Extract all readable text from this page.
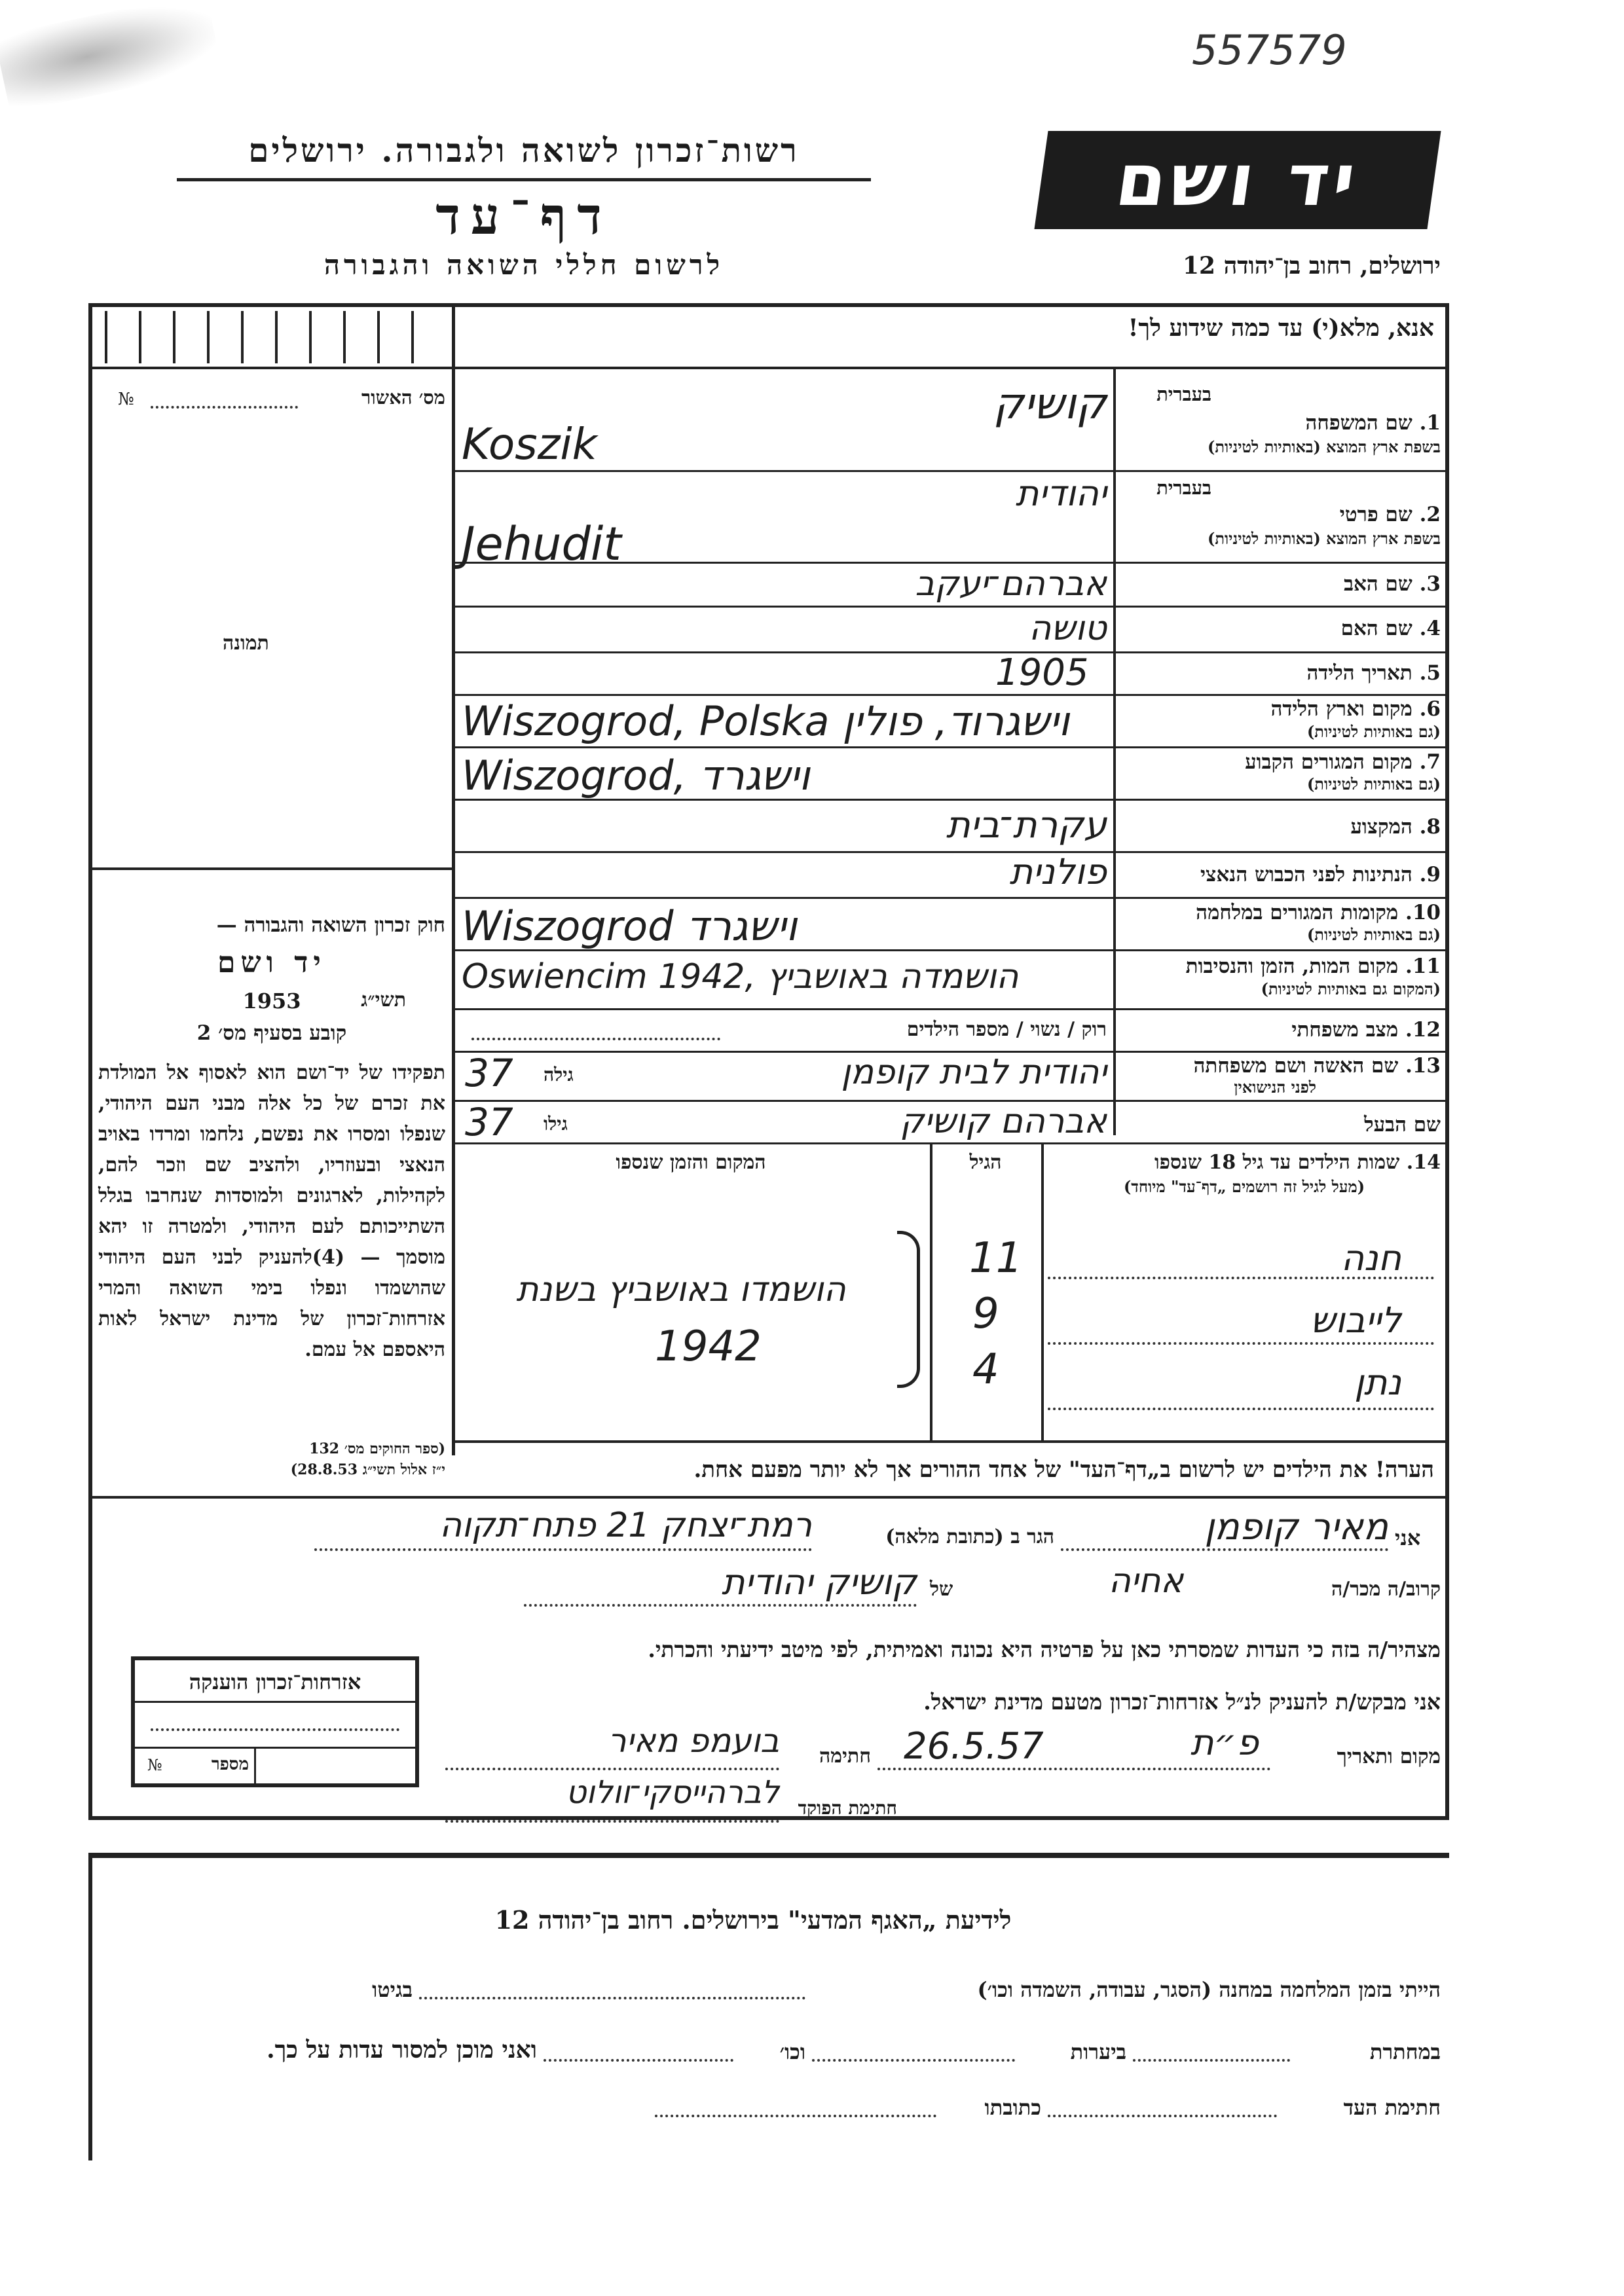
557579
רשות־זכרון לשואה ולגבורה. ירושלים
דף־עד
לרשום חללי השואה והגבורה
יד ושם
ירושלים, רחוב בן־יהודה 12
אנא, מלא(י) עד כמה שידוע לך!
מס׳ האשור
№
תמונה
חוק זכרון השואה והגבורה —
יד ושם
1953	תשי״ג
קובע בסעיף מס׳ 2
תפקידו של יד־ושם הוא לאסוף אל המולדת את זכרם של כל אלה מבני העם היהודי, שנפלו ומסרו את נפשם, נלחמו ומרדו באויב הנאצי ובעוזריו, ולהציב שם וזכר להם, לקהילות, לארגונים ולמוסדות שנחרבו בגלל השתייכותם לעם היהודי, ולמטרה זו יהא מוסמך — (4)להעניק לבני העם היהודי שהושמדו ונפלו בימי השואה והמרי אזרחות־זכרון של מדינת ישראל לאות היאספם אל עמם.
(ספר החוקים מס׳ 132
י״ז אלול תשי״ג 28.8.53)
בעברית
1. שם המשפחה
בשפת ארץ המוצא (באותיות לטיניות)
קושיק
Koszik
בעברית
2. שם פרטי
בשפת ארץ המוצא (באותיות לטיניות)
יהודית
Jehudit
3. שם האב
אברהם־יעקב
4. שם האם
טושה
5. תאריך הלידה
1905
6. מקום וארץ הלידה
(גם באותיות לטיניות)
Wiszogrod, Polska וישגרוד, פולין
7. מקום המגורים הקבוע
(גם באותיות לטיניות)
Wiszogrod, וישגרד
8. המקצוע
עקרת־בית
9. הנתינות לפני הכבוש הנאצי
פולנית
10. מקומות המגורים במלחמה
(גם באותיות לטיניות)
Wiszogrod וישגרד
11. מקום המות, הזמן והנסיבות
(המקום גם באותיות לטיניות)
Oswiencim 1942, הושמדה באושביץ
12. מצב משפחתי
רוק / נשוי / מספר הילדים
13. שם האשה ושם משפחתה
לפני הנישואין
יהודית לבית קופמן
גילה
37
שם הבעל
אברהם קושיק
גילו
37
14. שמות הילדים עד גיל 18 שנספו
(מעל לגיל זה רושמים „דף־עד" מיוחד)
הגיל
המקום והזמן שנספו
חנה
לייבוש
נתן
11
9
4
הושמדו באושביץ בשנת
1942
הערה! את הילדים יש לרשום ב„דף־העד" של אחד ההורים אך לא יותר מפעם אחת.
אני
מאיר קופמן
הגר ב (כתובת מלאה)
רמת־יצחק 21 פתח־תקוה
קרוב/ה מכר/ה
אחיה
של
קושיק יהודית
מצהיר/ה בזה כי העדות שמסרתי כאן על פרטיה היא נכונה ואמיתית, לפי מיטב ידיעתי והכרתי.
אני מבקש/ת להעניק לנ״ל אזרחות־זכרון מטעם מדינת ישראל.
מקום ותאריך
פ״ת
26.5.57
חתימה
בועמפ מאיר
חתימת הפוקד
לברהייסקי־וולוט
אזרחות־זכרון הוענקה
מספר
№
לידיעת „האגף המדעי" בירושלים. רחוב בן־יהודה 12
הייתי בזמן המלחמה במחנה (הסגר, עבודה, השמדה וכו׳)
בגיטו
במחתרת
ביערות
וכו׳
ואני מוכן למסור עדות על כך.
חתימת העד
כתובתו
